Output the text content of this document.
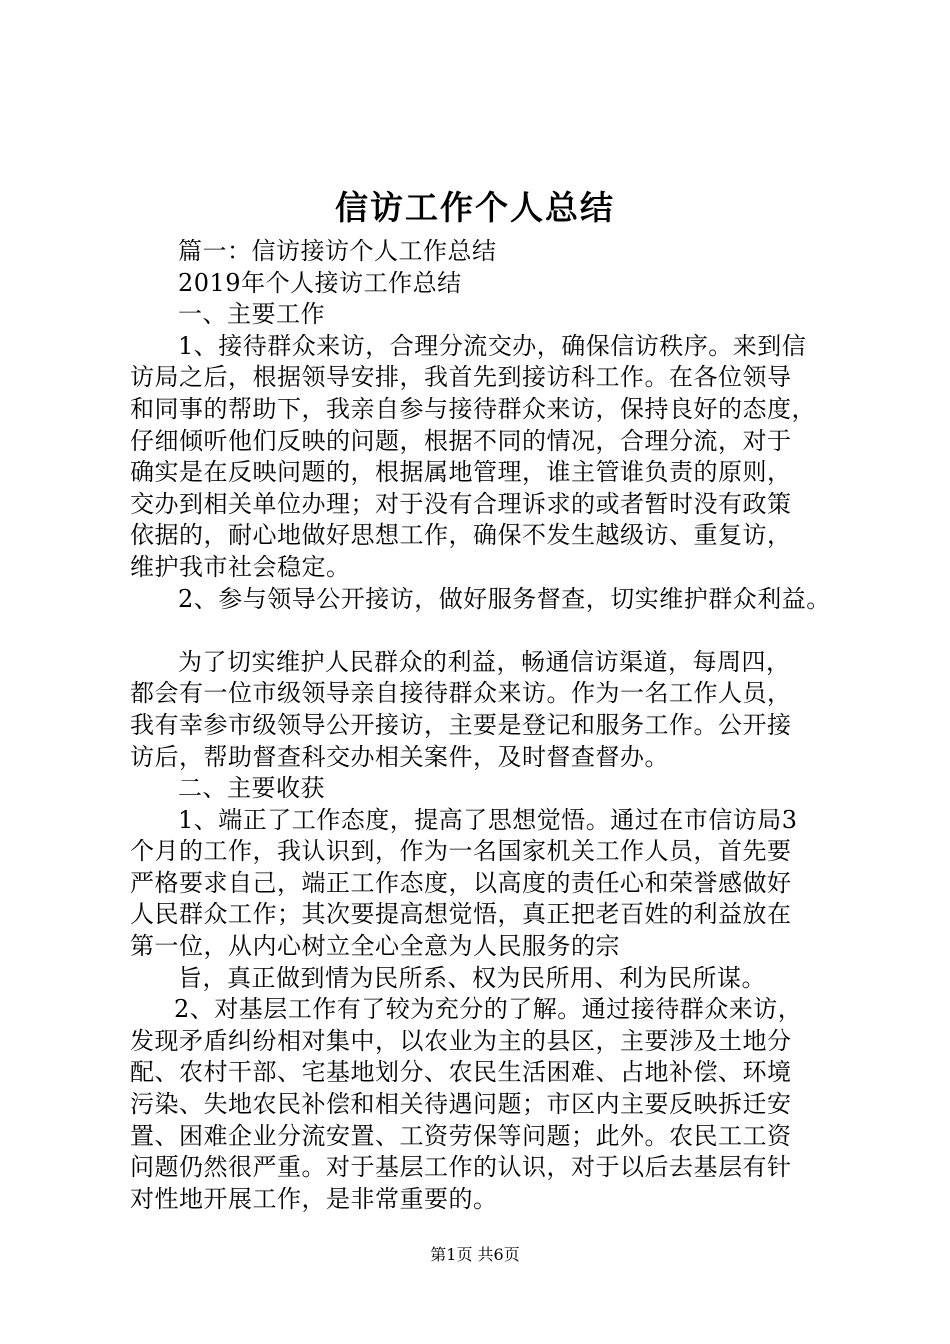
信访工作个人总结
篇一：信访接访个人工作总结
2019年个人接访工作总结
一、主要工作
1、接待群众来访，合理分流交办，确保信访秩序。来到信
访局之后，根据领导安排，我首先到接访科工作。在各位领导
和同事的帮助下，我亲自参与接待群众来访，保持良好的态度，
仔细倾听他们反映的问题，根据不同的情况，合理分流，对于
确实是在反映问题的，根据属地管理，谁主管谁负责的原则，
交办到相关单位办理；对于没有合理诉求的或者暂时没有政策
依据的，耐心地做好思想工作，确保不发生越级访、重复访，
维护我市社会稳定。
2、参与领导公开接访，做好服务督查，切实维护群众利益。
为了切实维护人民群众的利益，畅通信访渠道，每周四，
都会有一位市级领导亲自接待群众来访。作为一名工作人员，
我有幸参市级领导公开接访，主要是登记和服务工作。公开接
访后，帮助督查科交办相关案件，及时督查督办。
二、主要收获
1、端正了工作态度，提高了思想觉悟。通过在市信访局3
个月的工作，我认识到，作为一名国家机关工作人员，首先要
严格要求自己，端正工作态度，以高度的责任心和荣誉感做好
人民群众工作；其次要提高想觉悟，真正把老百姓的利益放在
第一位，从内心树立全心全意为人民服务的宗
旨，真正做到情为民所系、权为民所用、利为民所谋。
2、对基层工作有了较为充分的了解。通过接待群众来访，
发现矛盾纠纷相对集中，以农业为主的县区，主要涉及土地分
配、农村干部、宅基地划分、农民生活困难、占地补偿、环境
污染、失地农民补偿和相关待遇问题；市区内主要反映拆迁安
置、困难企业分流安置、工资劳保等问题；此外。农民工工资
问题仍然很严重。对于基层工作的认识，对于以后去基层有针
对性地开展工作，是非常重要的。

第1页 共6页
